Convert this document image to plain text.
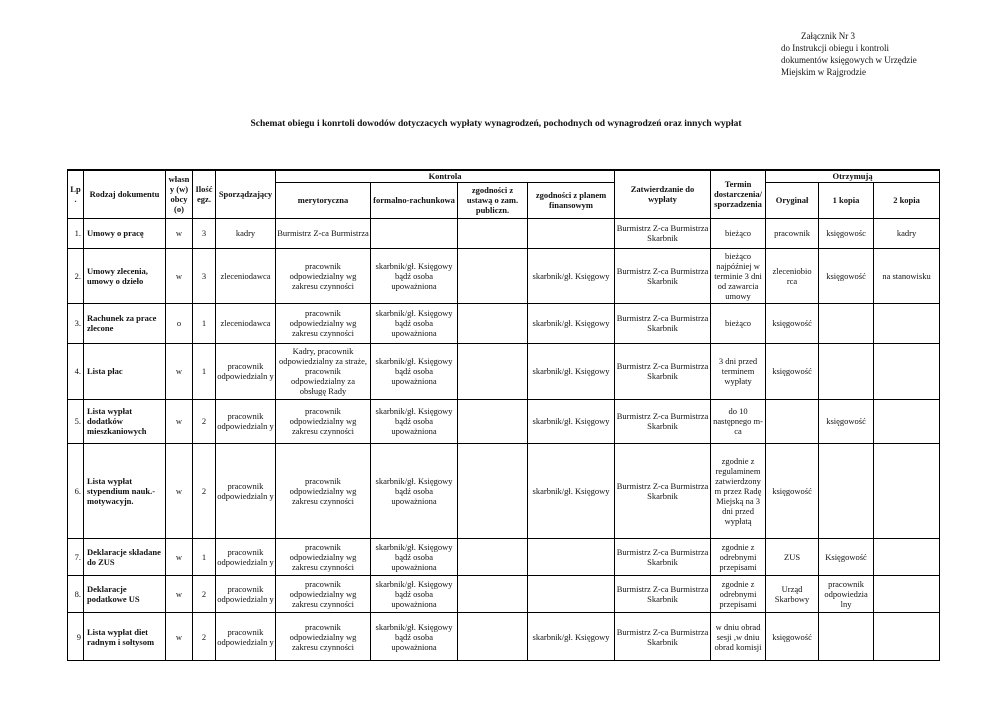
Załącznik Nr 3
do Instrukcji obiegu i kontroli
dokumentów księgowych w Urzędzie
Miejskim w Rajgrodzie
Schemat obiegu i konrtoli dowodów dotyczacych wypłaty wynagrodzeń, pochodnych od wynagrodzeń oraz innych wypłat
Lp .	Rodzaj dokumentu	własny (w) obcy (o)	Ilość egz.	Sporządzający	Kontrola				Zatwierdzanie do wypłaty	Termin dostarczenia/ sporzadzenia	Otrzymują		
					merytoryczna	formalno-rachunkowa	zgodności z ustawą o zam. publiczn.	zgodności z planem finansowym			Oryginał	1 kopia	2 kopia
1.	Umowy o pracę	w	3	kadry	Burmistrz Z-ca Burmistrza				Burmistrz Z-ca Burmistrza Skarbnik	bieżąco	pracownik	księgowośc	kadry
2.	Umowy zlecenia, umowy o dzieło	w	3	zleceniodawca	pracownik odpowiedzialny wg zakresu czynności	skarbnik/gł. Księgowy bądź osoba upoważniona		skarbnik/gł. Księgowy	Burmistrz Z-ca Burmistrza Skarbnik	bieżąco najpóźniej w terminie 3 dni od zawarcia umowy	zleceniobio rca	księgowość	na stanowisku
3.	Rachunek za prace zlecone	o	1	zleceniodawca	pracownik odpowiedzialny wg zakresu czynności	skarbnik/gł. Księgowy bądź osoba upoważniona		skarbnik/gł. Księgowy	Burmistrz Z-ca Burmistrza Skarbnik	bieżąco	księgowość		
4.	Lista płac	w	1	pracownik odpowiedzialn y	Kadry, pracownik odpowiedzialny za straże, pracownik odpowiedzialny za obsługę Rady	skarbnik/gł. Księgowy bądź osoba upoważniona		skarbnik/gł. Księgowy	Burmistrz Z-ca Burmistrza Skarbnik	3 dni przed terminem wypłaty	księgowość		
5.	Lista wypłat dodatków mieszkaniowych	w	2	pracownik odpowiedzialn y	pracownik odpowiedzialny wg zakresu czynności	skarbnik/gł. Księgowy bądź osoba upoważniona		skarbnik/gł. Księgowy	Burmistrz Z-ca Burmistrza Skarbnik	do 10 następnego m-ca		księgowość	
6.	Lista wypłat stypendium nauk.-motywacyjn.	w	2	pracownik odpowiedzialn y	pracownik odpowiedzialny wg zakresu czynności	skarbnik/gł. Księgowy bądź osoba upoważniona		skarbnik/gł. Księgowy	Burmistrz Z-ca Burmistrza Skarbnik	zgodnie z regulaminem zatwierdzony m przez Radę Miejską na 3 dni przed wypłatą	księgowość		
7.	Deklaracje składane do ZUS	w	1	pracownik odpowiedzialn y	pracownik odpowiedzialny wg zakresu czynności	skarbnik/gł. Księgowy bądź osoba upoważniona			Burmistrz Z-ca Burmistrza Skarbnik	zgodnie z odrebnymi przepisami	ZUS	Księgowość	
8.	Deklaracje podatkowe US	w	2	pracownik odpowiedzialn y	pracownik odpowiedzialny wg zakresu czynności	skarbnik/gł. Księgowy bądź osoba upoważniona			Burmistrz Z-ca Burmistrza Skarbnik	zgodnie z odrebnymi przepisami	Urząd Skarbowy	pracownik odpowiedzia lny	
9	Lista wypłat diet radnym i sołtysom	w	2	pracownik odpowiedzialn y	pracownik odpowiedzialny wg zakresu czynności	skarbnik/gł. Księgowy bądź osoba upoważniona		skarbnik/gł. Księgowy	Burmistrz Z-ca Burmistrza Skarbnik	w dniu obrad sesji ,w dniu obrad komisji	księgowość		
